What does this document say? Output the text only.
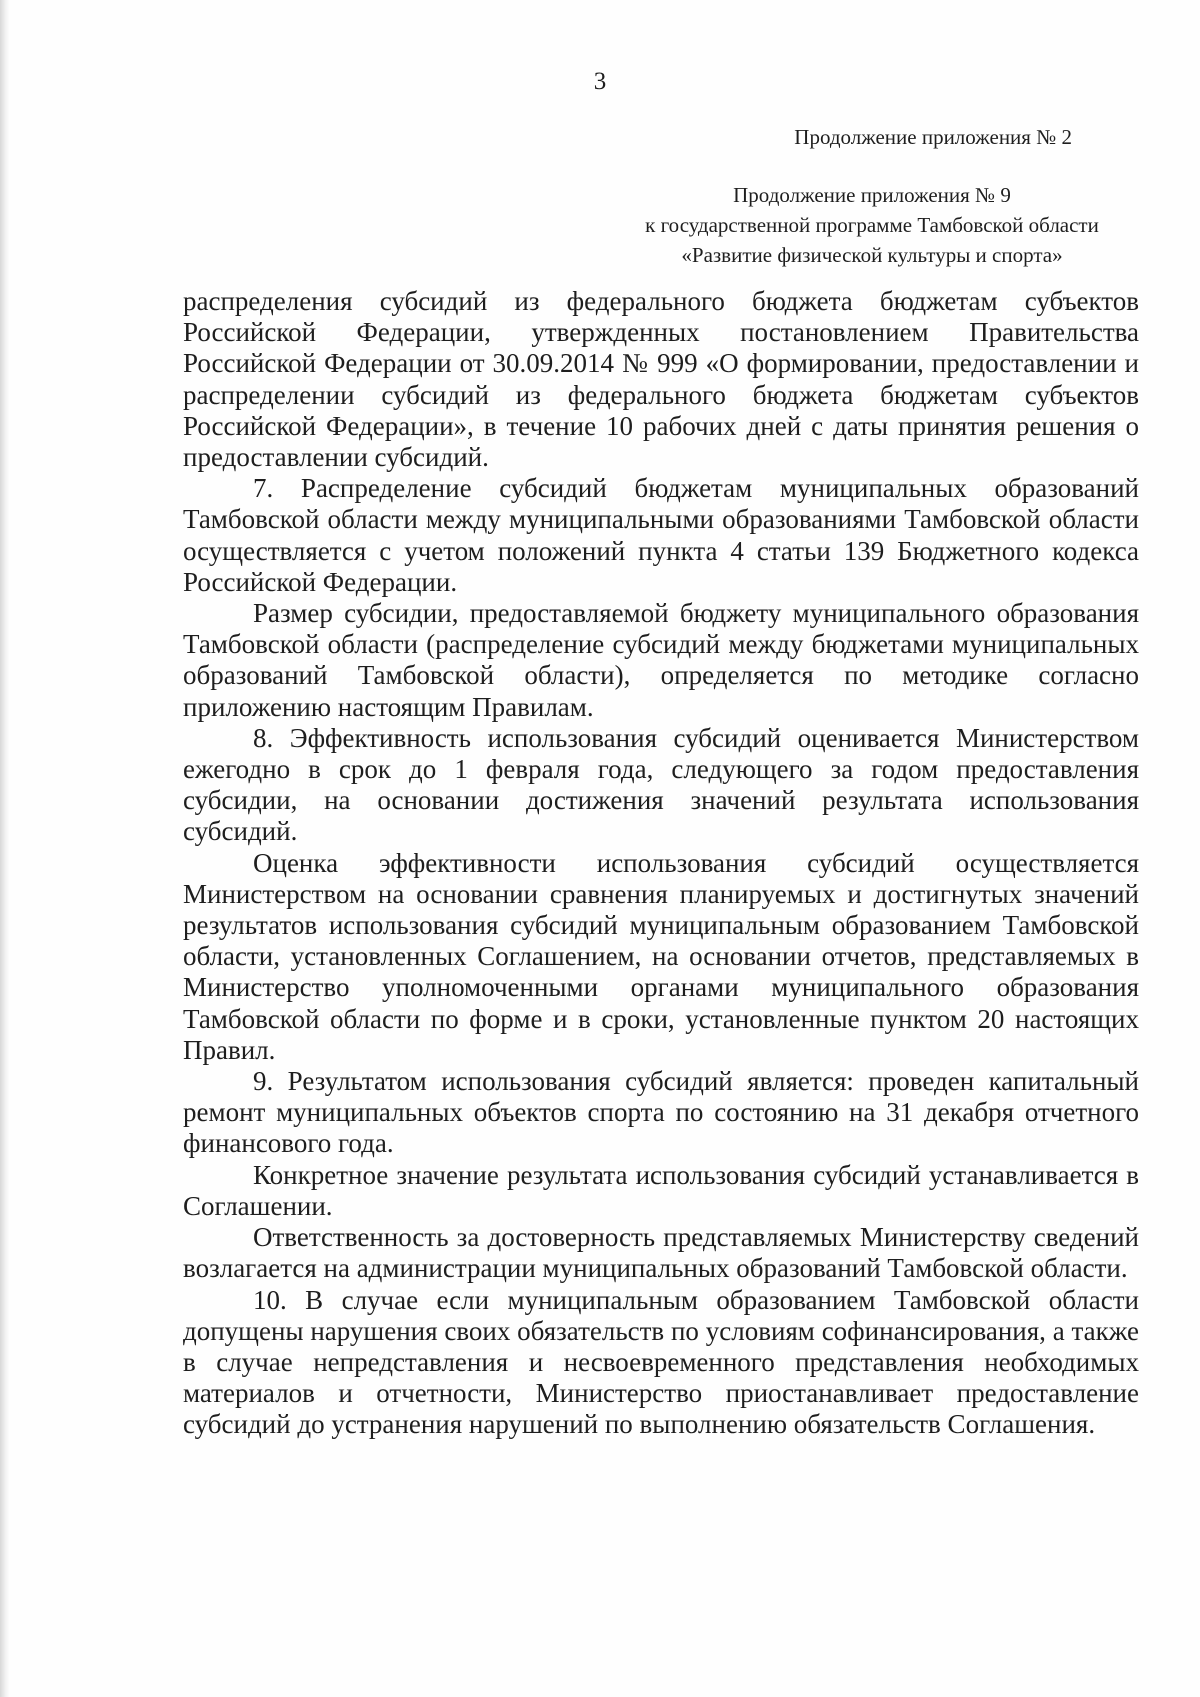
3
Продолжение приложения № 2
Продолжение приложения № 9
к государственной программе Тамбовской области
«Развитие физической культуры и спорта»

распределения субсидий из федерального бюджета бюджетам субъектов Российской Федерации, утвержденных постановлением Правительства Российской Федерации от 30.09.2014 № 999 «О формировании, предоставлении и распределении субсидий из федерального бюджета бюджетам субъектов Российской Федерации», в течение 10 рабочих дней с даты принятия решения о предоставлении субсидий.

7. Распределение субсидий бюджетам муниципальных образований Тамбовской области между муниципальными образованиями Тамбовской области осуществляется с учетом положений пункта 4 статьи 139 Бюджетного кодекса Российской Федерации.

Размер субсидии, предоставляемой бюджету муниципального образования Тамбовской области (распределение субсидий между бюджетами муниципальных образований Тамбовской области), определяется по методике согласно приложению настоящим Правилам.

8. Эффективность использования субсидий оценивается Министерством ежегодно в срок до 1 февраля года, следующего за годом предоставления субсидии, на основании достижения значений результата использования субсидий.

Оценка эффективности использования субсидий осуществляется Министерством на основании сравнения планируемых и достигнутых значений результатов использования субсидий муниципальным образованием Тамбовской области, установленных Соглашением, на основании отчетов, представляемых в Министерство уполномоченными органами муниципального образования Тамбовской области по форме и в сроки, установленные пунктом 20 настоящих Правил.

9. Результатом использования субсидий является: проведен капитальный ремонт муниципальных объектов спорта по состоянию на 31 декабря отчетного финансового года.

Конкретное значение результата использования субсидий устанавливается в Соглашении.

Ответственность за достоверность представляемых Министерству сведений возлагается на администрации муниципальных образований Тамбовской области.

10. В случае если муниципальным образованием Тамбовской области допущены нарушения своих обязательств по условиям софинансирования, а также в случае непредставления и несвоевременного представления необходимых материалов и отчетности, Министерство приостанавливает предоставление субсидий до устранения нарушений по выполнению обязательств Соглашения.
